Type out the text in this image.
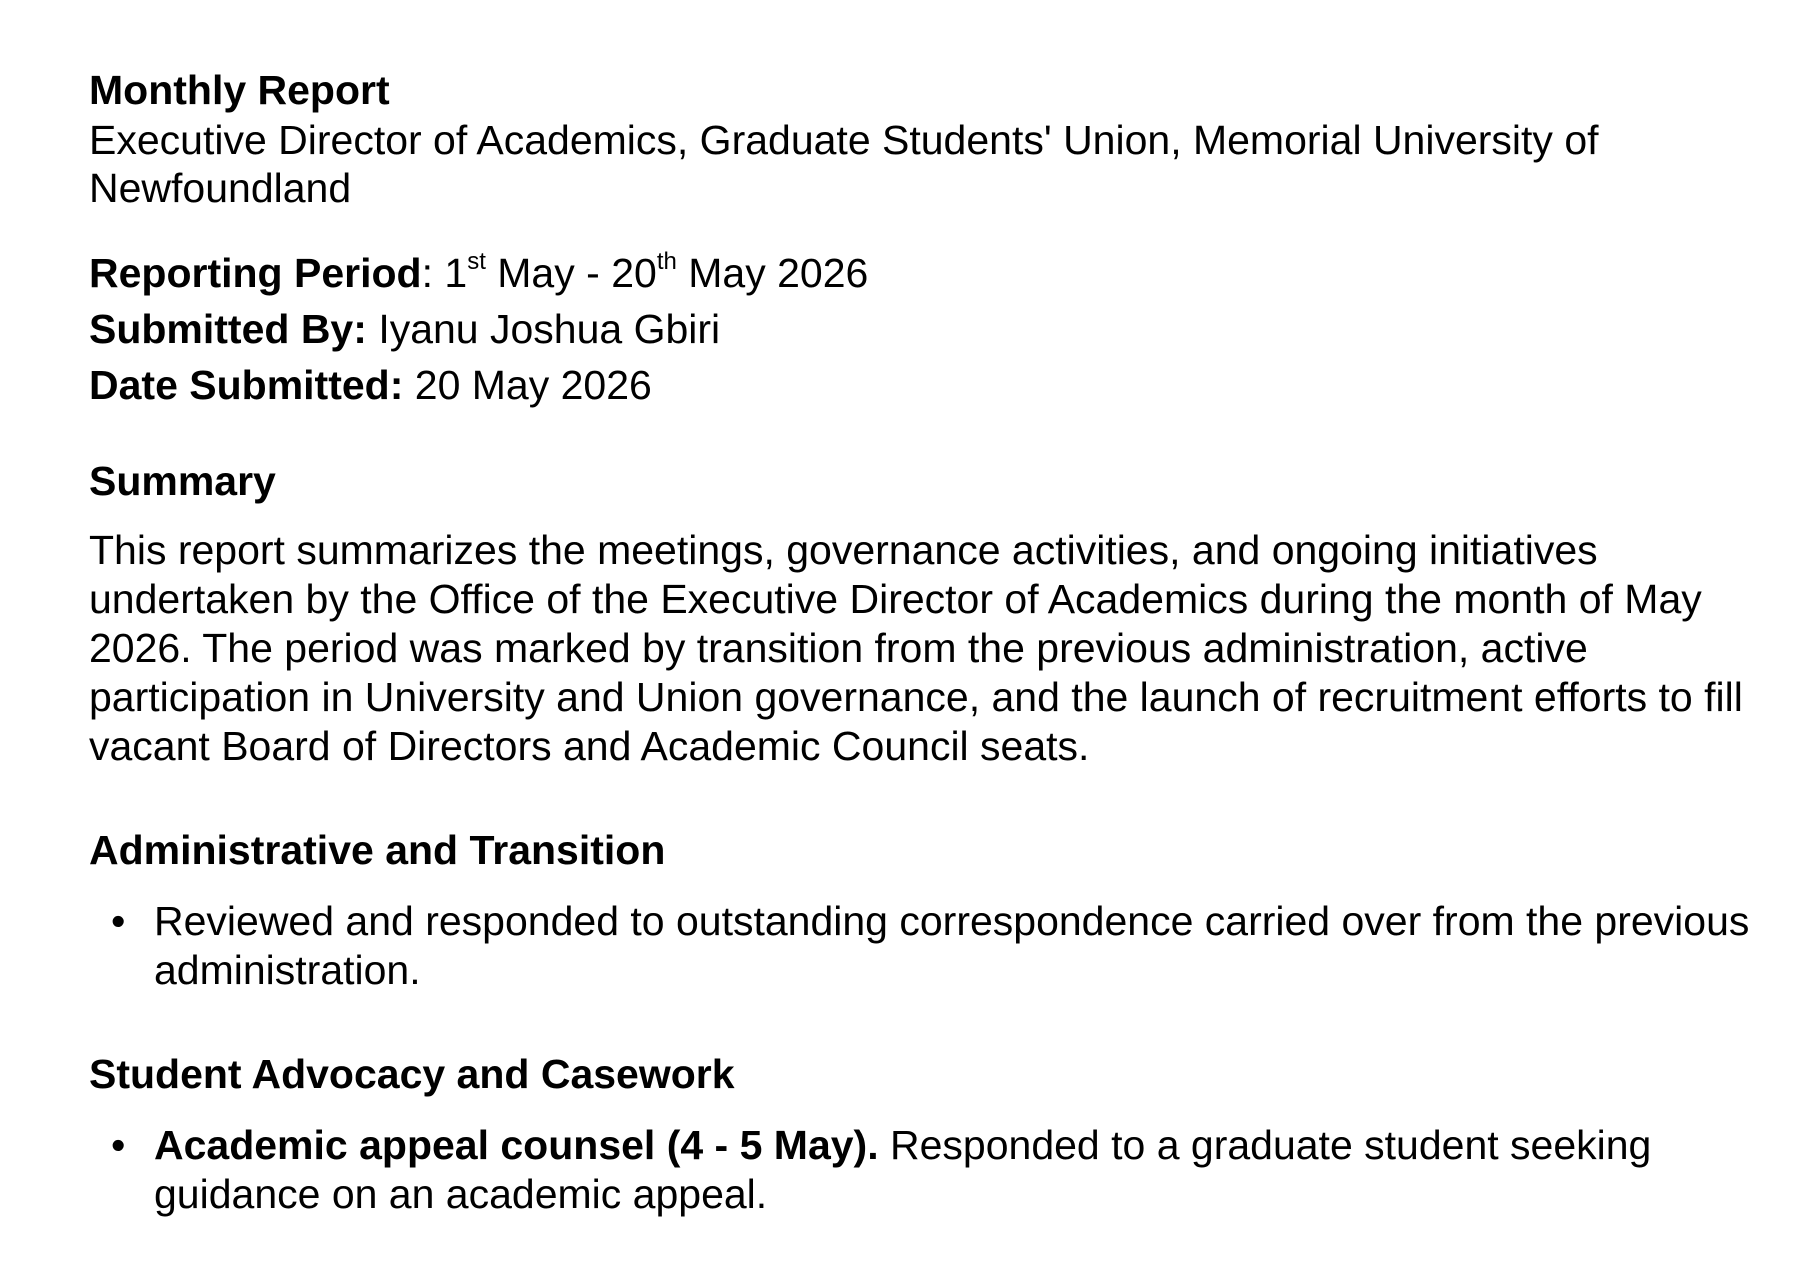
Monthly Report

Executive Director of Academics, Graduate Students' Union, Memorial University of Newfoundland

Reporting Period: 1st May - 20th May 2026
Submitted By: Iyanu Joshua Gbiri
Date Submitted: 20 May 2026
Summary

This report summarizes the meetings, governance activities, and ongoing initiatives undertaken by the Office of the Executive Director of Academics during the month of May 2026. The period was marked by transition from the previous administration, active participation in University and Union governance, and the launch of recruitment efforts to fill vacant Board of Directors and Academic Council seats.

Administrative and Transition
• Reviewed and responded to outstanding correspondence carried over from the previous administration.
Student Advocacy and Casework
• Academic appeal counsel (4 - 5 May). Responded to a graduate student seeking guidance on an academic appeal.
